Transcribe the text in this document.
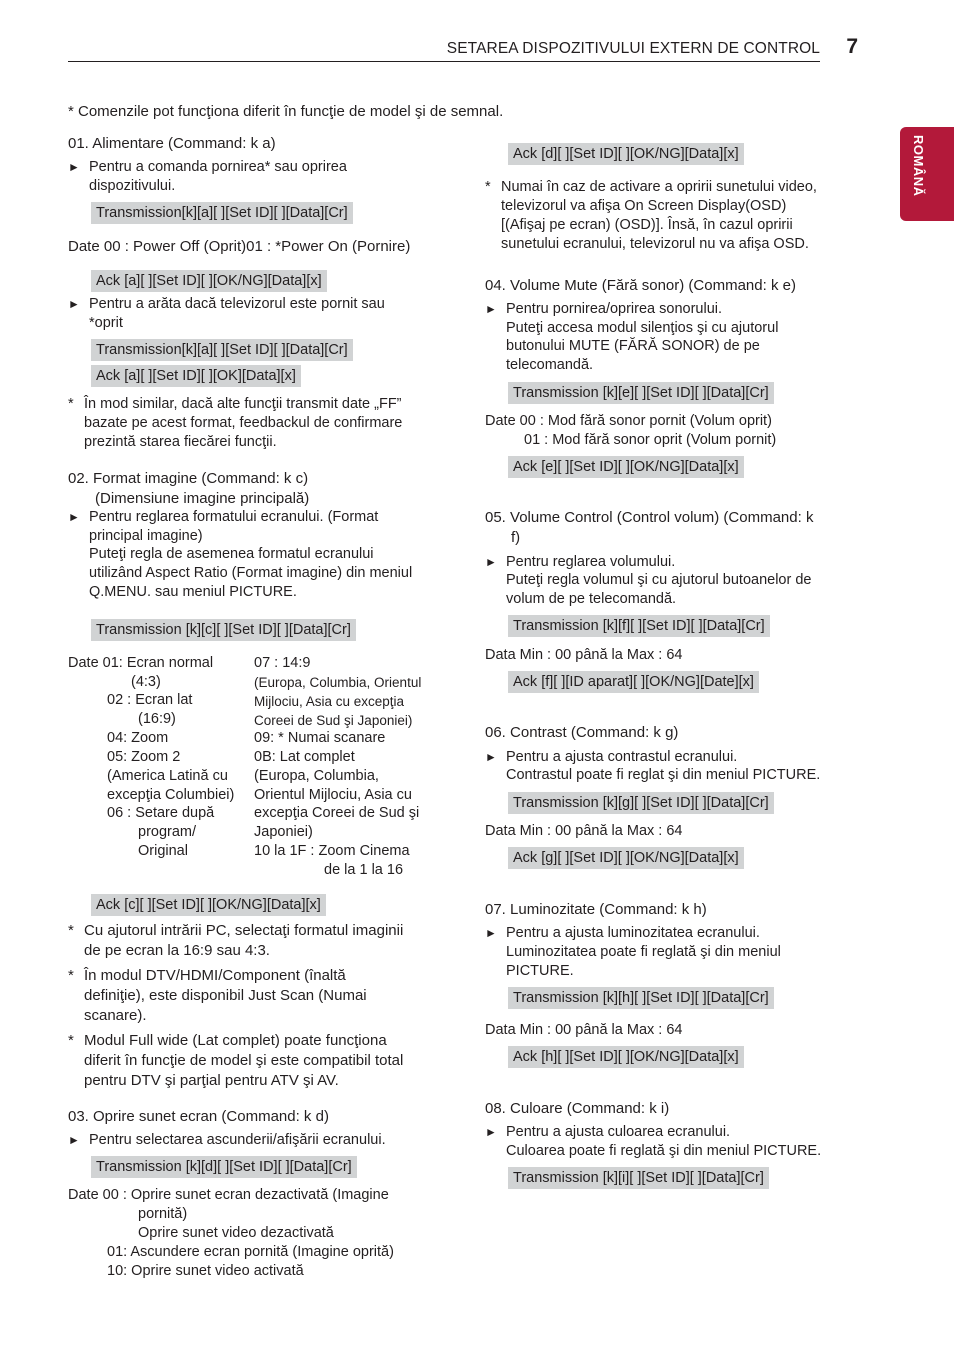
SETAREA DISPOZITIVULUI EXTERN DE CONTROL 7
ROMÂNĂ
* Comenzile pot funcţiona diferit în funcţie de model şi de semnal.
01. Alimentare (Command: k a)
► Pentru a comanda pornirea* sau oprirea
dispozitivului.
Transmission[k][a][ ][Set ID][ ][Data][Cr]
Date 00 : Power Off (Oprit)01 : *Power On (Pornire)
Ack [a][ ][Set ID][ ][OK/NG][Data][x]
► Pentru a arăta dacă televizorul este pornit sau
*oprit
Transmission[k][a][ ][Set ID][ ][Data][Cr]
Ack [a][ ][Set ID][ ][OK][Data][x]
* În mod similar, dacă alte funcţii transmit date „FF”
bazate pe acest format, feedbackul de confirmare
prezintă starea fiecărei funcţii.
02. Format imagine (Command: k c)
(Dimensiune imagine principală)
► Pentru reglarea formatului ecranului. (Format
principal imagine)
Puteţi regla de asemenea formatul ecranului
utilizând Aspect Ratio (Format imagine) din meniul
Q.MENU. sau meniul PICTURE.
Transmission [k][c][ ][Set ID][ ][Data][Cr]
Date 01: Ecran normal
(4:3)
02 : Ecran lat
(16:9)
04: Zoom
05: Zoom 2
(America Latină cu
excepţia Columbiei)
06 : Setare după
program/
Original
07 : 14:9
(Europa, Columbia, Orientul
Mijlociu, Asia cu excepţia
Coreei de Sud şi Japoniei)
09: * Numai scanare
0B: Lat complet
(Europa, Columbia,
Orientul Mijlociu, Asia cu
excepţia Coreei de Sud şi
Japoniei)
10 la 1F : Zoom Cinema
de la 1 la 16
Ack [c][ ][Set ID][ ][OK/NG][Data][x]
* Cu ajutorul intrării PC, selectaţi formatul imaginii
de pe ecran la 16:9 sau 4:3.
* În modul DTV/HDMI/Component (înaltă
definiţie), este disponibil Just Scan (Numai
scanare).
* Modul Full wide (Lat complet) poate funcţiona
diferit în funcţie de model şi este compatibil total
pentru DTV şi parţial pentru ATV şi AV.
03. Oprire sunet ecran (Command: k d)
► Pentru selectarea ascunderii/afişării ecranului.
Transmission [k][d][ ][Set ID][ ][Data][Cr]
Date 00 : Oprire sunet ecran dezactivată (Imagine
pornită)
Oprire sunet video dezactivată
01: Ascundere ecran pornită (Imagine oprită)
10: Oprire sunet video activată
Ack [d][ ][Set ID][ ][OK/NG][Data][x]
* Numai în caz de activare a opririi sunetului video,
televizorul va afişa On Screen Display(OSD)
[(Afişaj pe ecran) (OSD)]. Însă, în cazul opririi
sunetului ecranului, televizorul nu va afişa OSD.
04. Volume Mute (Fără sonor) (Command: k e)
► Pentru pornirea/oprirea sonorului.
Puteţi accesa modul silenţios şi cu ajutorul
butonului MUTE (FĂRĂ SONOR) de pe
telecomandă.
Transmission [k][e][ ][Set ID][ ][Data][Cr]
Date 00 : Mod fără sonor pornit (Volum oprit)
01 : Mod fără sonor oprit (Volum pornit)
Ack [e][ ][Set ID][ ][OK/NG][Data][x]
05. Volume Control (Control volum) (Command: k
f)
► Pentru reglarea volumului.
Puteţi regla volumul şi cu ajutorul butoanelor de
volum de pe telecomandă.
Transmission [k][f][ ][Set ID][ ][Data][Cr]
Data Min : 00 până la Max : 64
Ack [f][ ][ID aparat][ ][OK/NG][Date][x]
06. Contrast (Command: k g)
► Pentru a ajusta contrastul ecranului.
Contrastul poate fi reglat şi din meniul PICTURE.
Transmission [k][g][ ][Set ID][ ][Data][Cr]
Data Min : 00 până la Max : 64
Ack [g][ ][Set ID][ ][OK/NG][Data][x]
07. Luminozitate (Command: k h)
► Pentru a ajusta luminozitatea ecranului.
Luminozitatea poate fi reglată şi din meniul
PICTURE.
Transmission [k][h][ ][Set ID][ ][Data][Cr]
Data Min : 00 până la Max : 64
Ack [h][ ][Set ID][ ][OK/NG][Data][x]
08. Culoare (Command: k i)
► Pentru a ajusta culoarea ecranului.
Culoarea poate fi reglată şi din meniul PICTURE.
Transmission [k][i][ ][Set ID][ ][Data][Cr]
